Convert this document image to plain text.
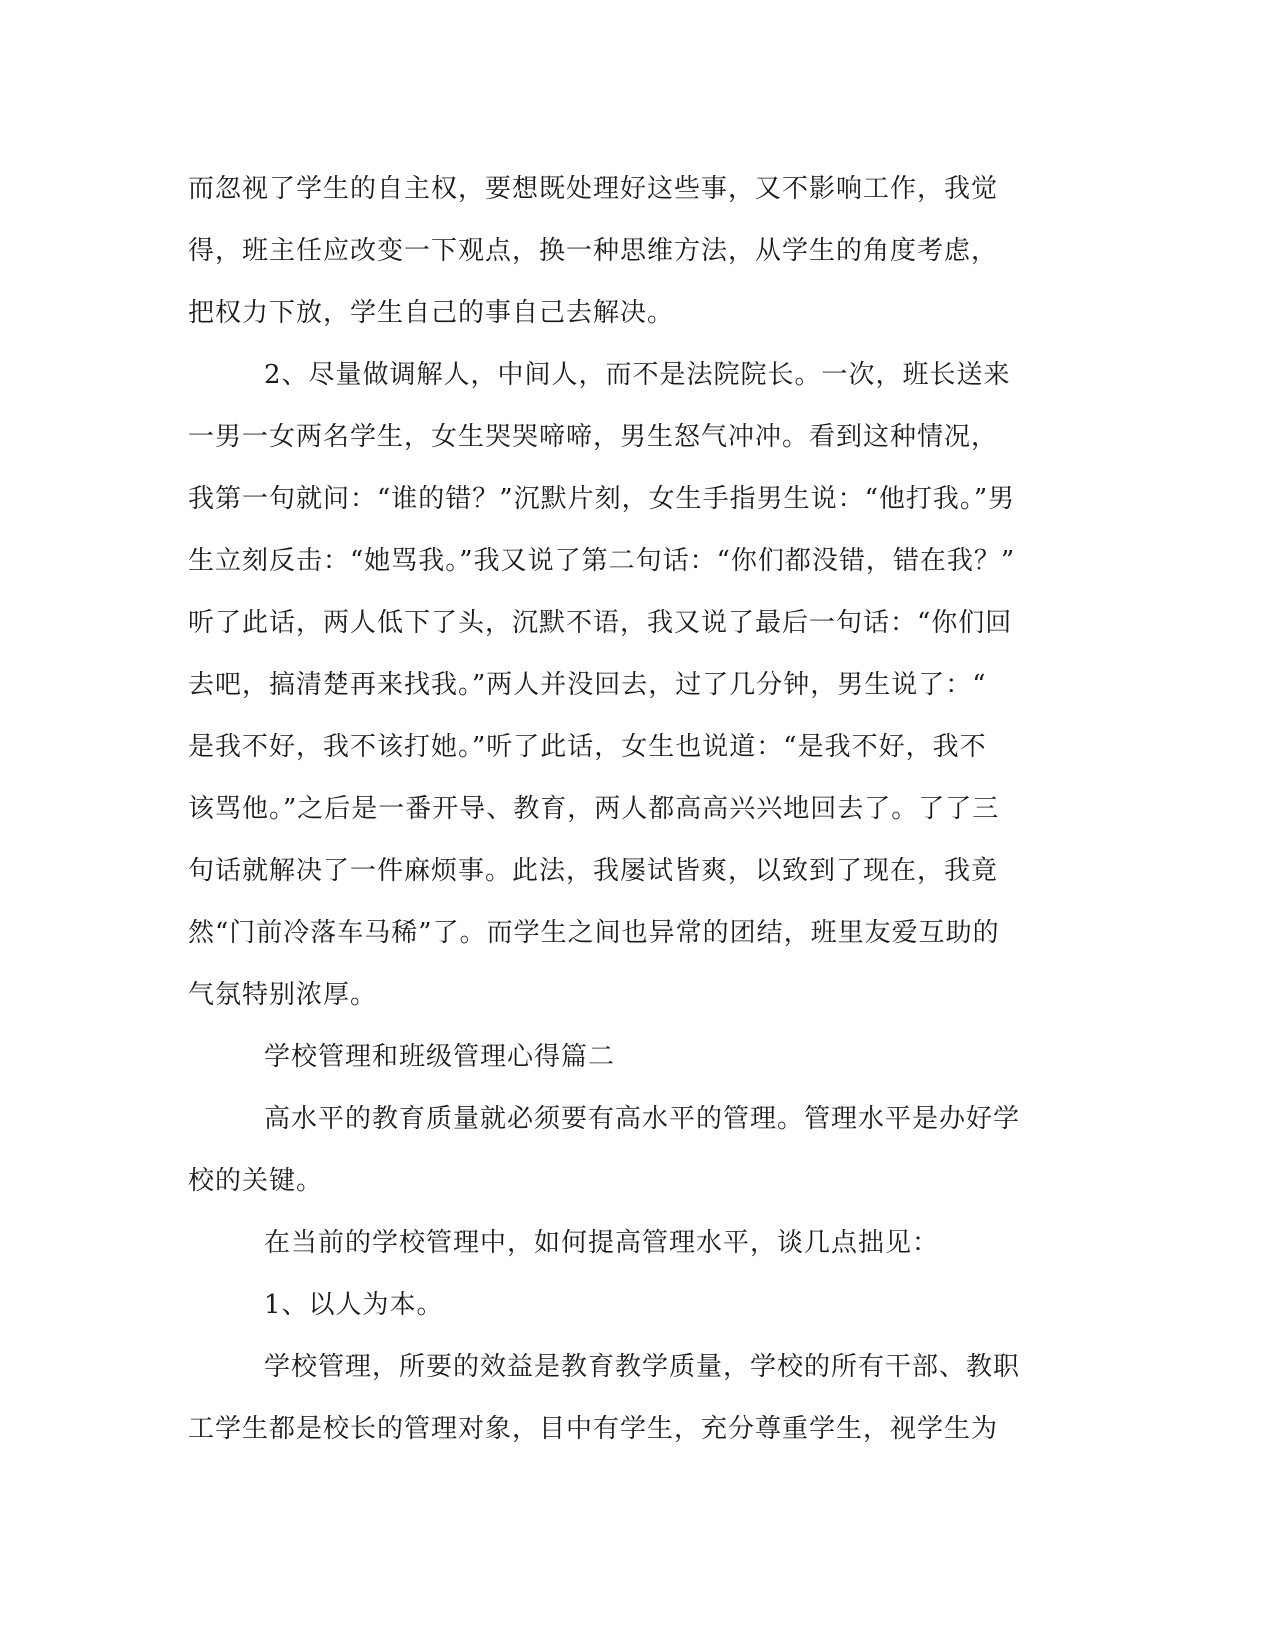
而忽视了学生的自主权，要想既处理好这些事，又不影响工作，我觉
得，班主任应改变一下观点，换一种思维方法，从学生的角度考虑，
把权力下放，学生自己的事自己去解决。
2、尽量做调解人，中间人，而不是法院院长。一次，班长送来
一男一女两名学生，女生哭哭啼啼，男生怒气冲冲。看到这种情况，
我第一句就问：“谁的错？”沉默片刻，女生手指男生说：“他打我。”男
生立刻反击：“她骂我。”我又说了第二句话：“你们都没错，错在我？”
听了此话，两人低下了头，沉默不语，我又说了最后一句话：“你们回
去吧，搞清楚再来找我。”两人并没回去，过了几分钟，男生说了：“
是我不好，我不该打她。”听了此话，女生也说道：“是我不好，我不
该骂他。”之后是一番开导、教育，两人都高高兴兴地回去了。了了三
句话就解决了一件麻烦事。此法，我屡试皆爽，以致到了现在，我竟
然“门前冷落车马稀”了。而学生之间也异常的团结，班里友爱互助的
气氛特别浓厚。
学校管理和班级管理心得篇二
高水平的教育质量就必须要有高水平的管理。管理水平是办好学
校的关键。
在当前的学校管理中，如何提高管理水平，谈几点拙见：
1、以人为本。
学校管理，所要的效益是教育教学质量，学校的所有干部、教职
工学生都是校长的管理对象，目中有学生，充分尊重学生，视学生为
